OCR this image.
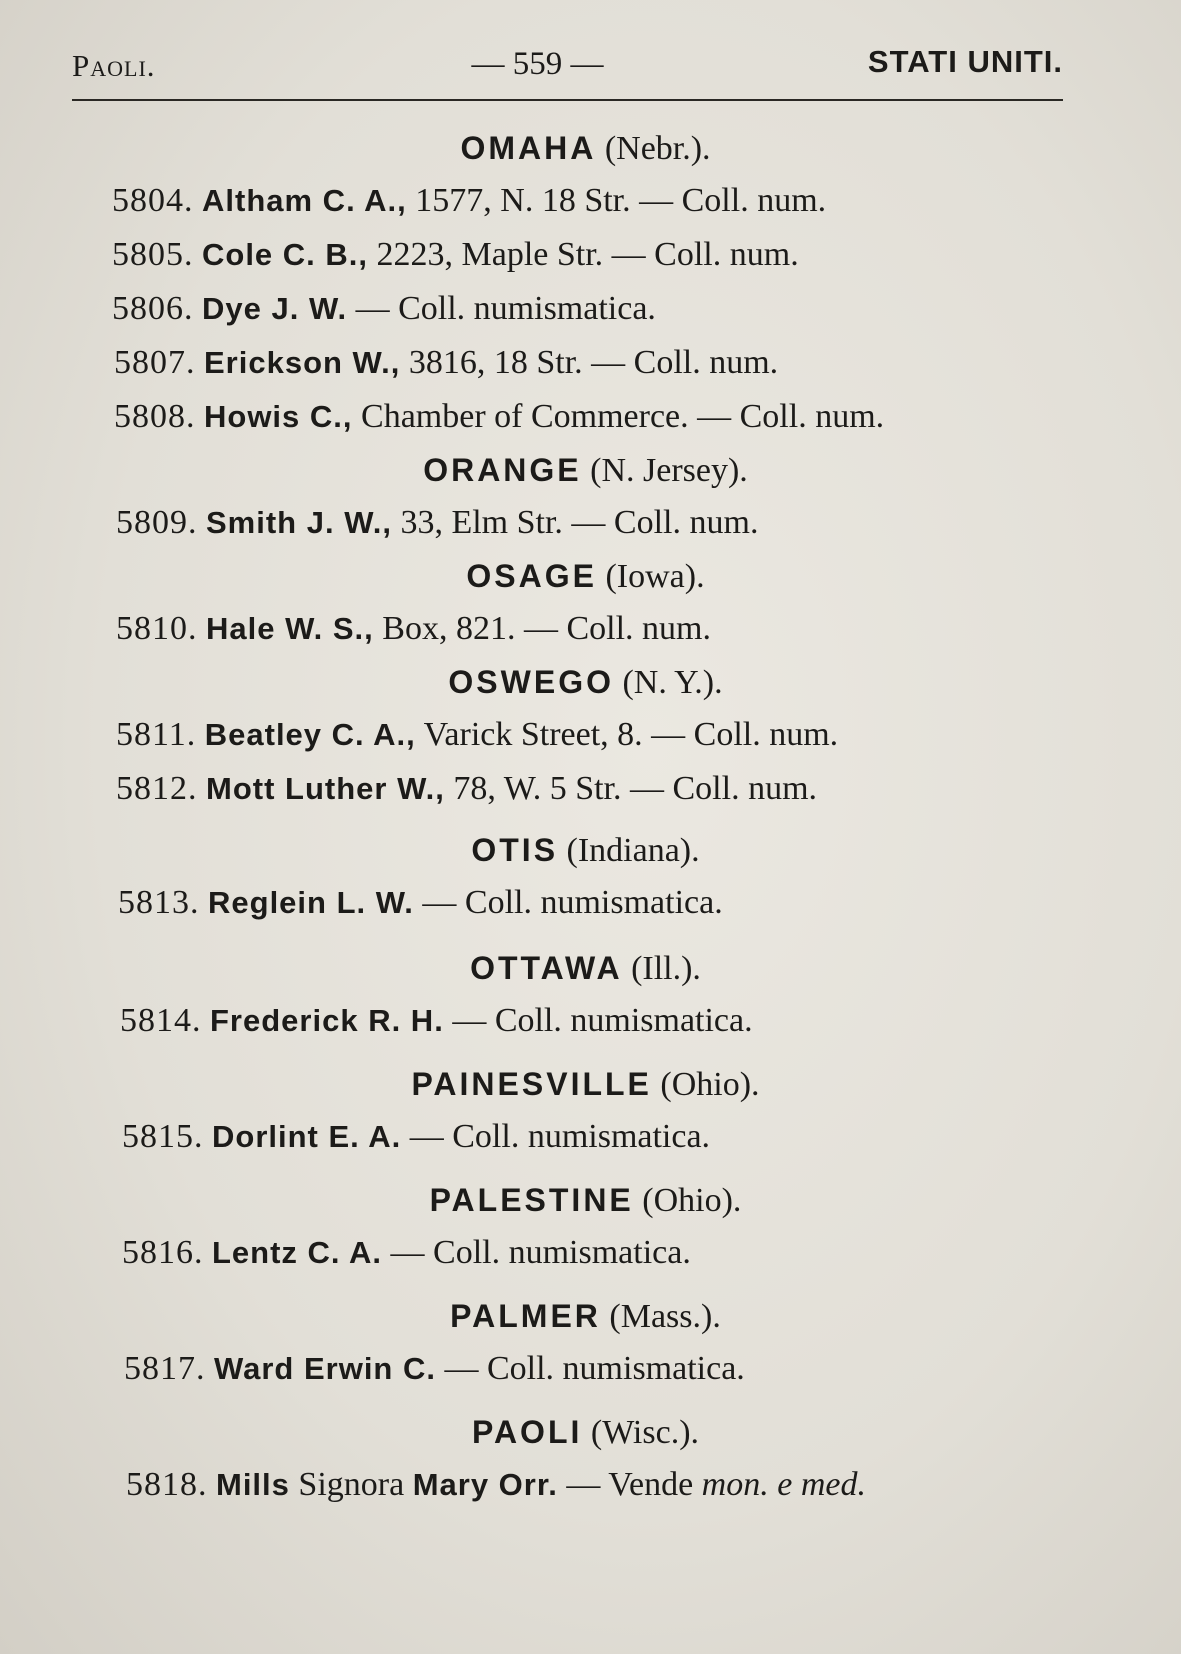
Paoli.	— 559 —	STATI UNITI.
OMAHA (Nebr.).
5804. Altham C. A., 1577, N. 18 Str. — Coll. num.
5805. Cole C. B., 2223, Maple Str. — Coll. num.
5806. Dye J. W. — Coll. numismatica.
5807. Erickson W., 3816, 18 Str. — Coll. num.
5808. Howis C., Chamber of Commerce. — Coll. num.
ORANGE (N. Jersey).
5809. Smith J. W., 33, Elm Str. — Coll. num.
OSAGE (Iowa).
5810. Hale W. S., Box, 821. — Coll. num.
OSWEGO (N. Y.).
5811. Beatley C. A., Varick Street, 8. — Coll. num.
5812. Mott Luther W., 78, W. 5 Str. — Coll. num.
OTIS (Indiana).
5813. Reglein L. W. — Coll. numismatica.
OTTAWA (Ill.).
5814. Frederick R. H. — Coll. numismatica.
PAINESVILLE (Ohio).
5815. Dorlint E. A. — Coll. numismatica.
PALESTINE (Ohio).
5816. Lentz C. A. — Coll. numismatica.
PALMER (Mass.).
5817. Ward Erwin C. — Coll. numismatica.
PAOLI (Wisc.).
5818. Mills Signora Mary Orr. — Vende mon. e med.
